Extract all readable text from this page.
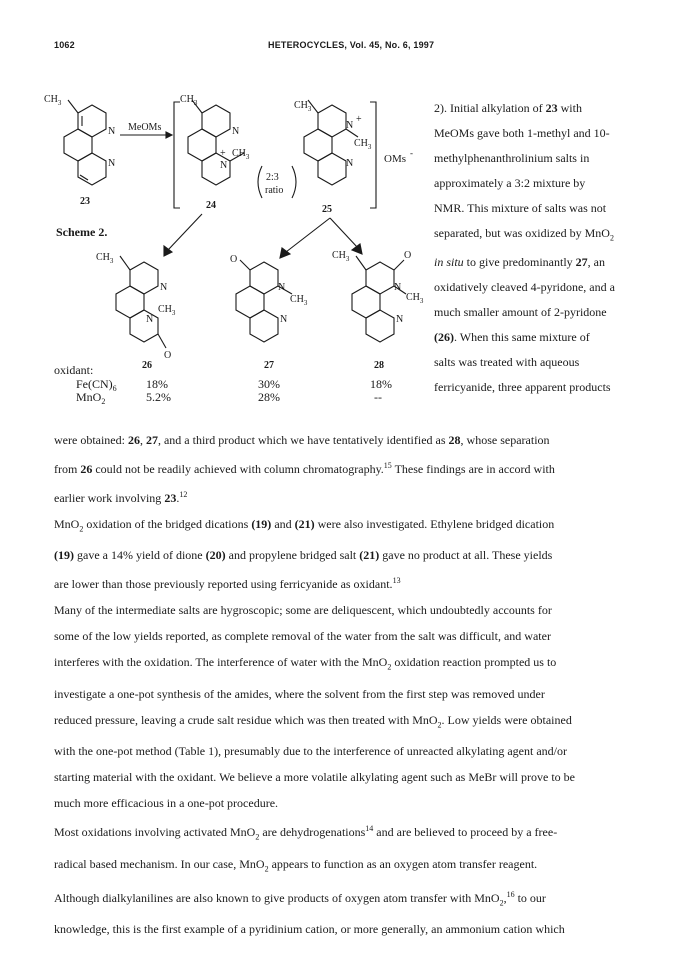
1062	HETEROCYCLES, Vol. 45, No. 6, 1997
$CH_3$
N
N
23
MeOMs
$CH_3$
N
N
+ $CH_3$
24
2:3
ratio
$CH_3$
N
+
$CH_3$
N
25
OMs -
Scheme 2.
$CH_3$
N
N
$CH_3$
O
26
O
N
$CH_3$
N
27
$CH_3$	O
N
$CH_3$
N
28
oxidant:
$Fe(CN)_6$ 18%	30%	18%
MnO$_2$	5.2%	28%	--
2). Initial alkylation of 23 with
MeOMs gave both 1-methyl and 10-
methylphenanthrolinium salts in
approximately a 3:2 mixture by
NMR. This mixture of salts was not
separated, but was oxidized by MnO$_2$
in situ to give predominantly 27, an
oxidatively cleaved 4-pyridone, and a
much smaller amount of 2-pyridone
(26). When this same mixture of
salts was treated with aqueous
ferricyanide, three apparent products
were obtained: 26, 27, and a third product which we have tentatively identified as 28, whose separation
from 26 could not be readily achieved with column chromatography.$^{15}$ These findings are in accord with
earlier work involving 23.12
MnO$_2$ oxidation of the bridged dications (19) and (21) were also investigated. Ethylene bridged dication
(19) gave a 14% yield of dione (20) and propylene bridged salt (21) gave no product at all. These yields
are lower than those previously reported using ferricyanide as oxidant.$^{13}$
Many of the intermediate salts are hygroscopic; some are deliquescent, which undoubtedly accounts for
some of the low yields reported, as complete removal of the water from the salt was difficult, and water
interferes with the oxidation. The interference of water with the MnO$_2$ oxidation reaction prompted us to
investigate a one-pot synthesis of the amides, where the solvent from the first step was removed under
reduced pressure, leaving a crude salt residue which was then treated with MnO$_2$. Low yields were obtained
with the one-pot method (Table 1), presumably due to the interference of unreacted alkylating agent and/or
starting material with the oxidant. We believe a more volatile alkylating agent such as MeBr will prove to be
much more efficacious in a one-pot procedure.
Most oxidations involving activated MnO$_2$ are dehydrogenations$^{14}$ and are believed to proceed by a free-
radical based mechanism. In our case, MnO$_2$ appears to function as an oxygen atom transfer reagent.
Although dialkylanilines are also known to give products of oxygen atom transfer with MnO$_2$,$^{16}$ to our
knowledge, this is the first example of a pyridinium cation, or more generally, an ammonium cation which
